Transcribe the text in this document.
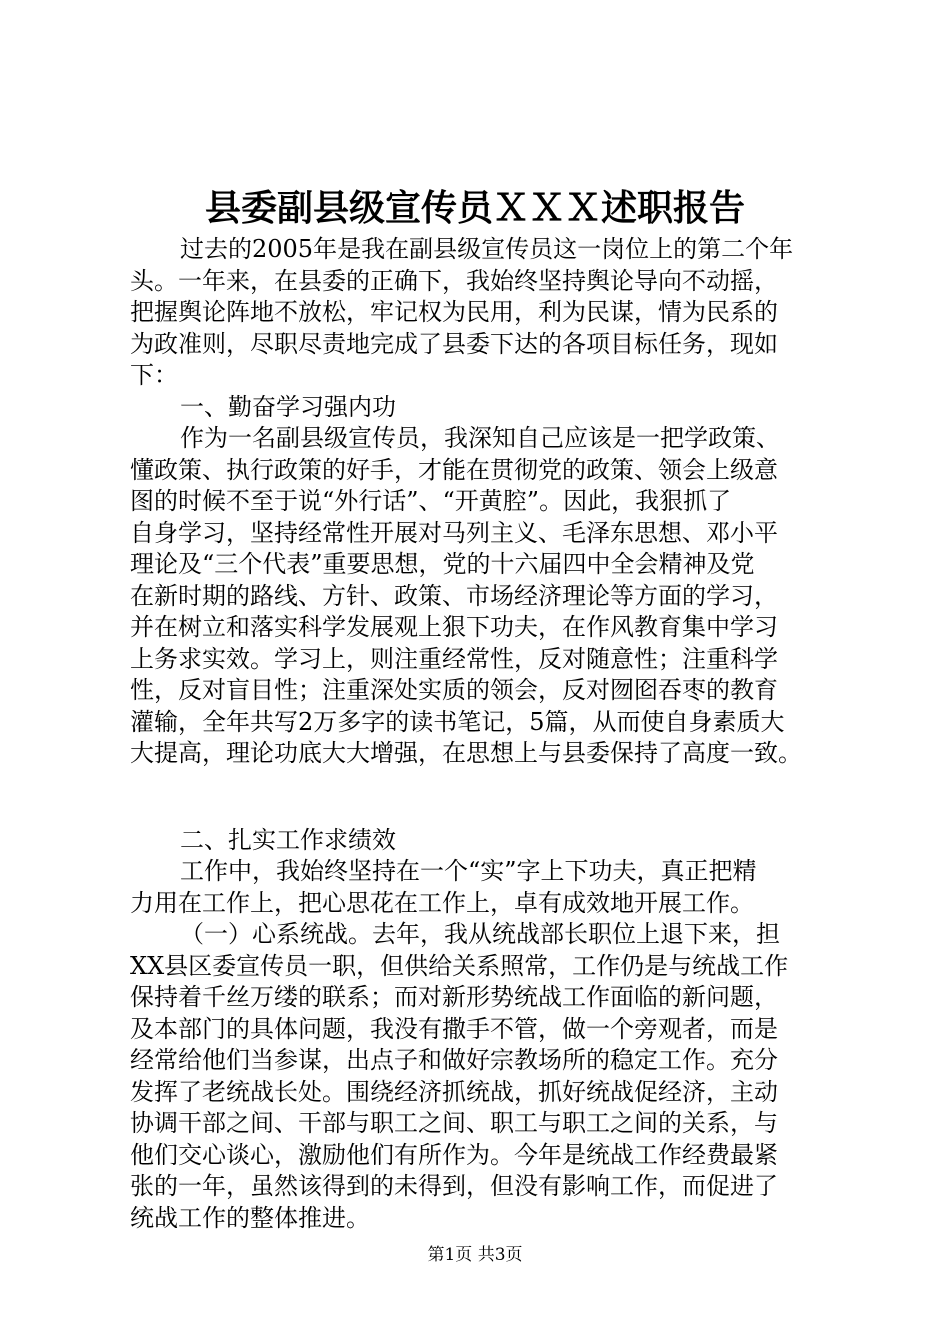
县委副县级宣传员ＸＸＸ述职报告
过去的2005年是我在副县级宣传员这一岗位上的第二个年
头。一年来，在县委的正确下，我始终坚持舆论导向不动摇，
把握舆论阵地不放松，牢记权为民用，利为民谋，情为民系的
为政准则，尽职尽责地完成了县委下达的各项目标任务，现如
下：
一、勤奋学习强内功
作为一名副县级宣传员，我深知自己应该是一把学政策、
懂政策、执行政策的好手，才能在贯彻党的政策、领会上级意
图的时候不至于说“外行话”、“开黄腔”。因此，我狠抓了
自身学习，坚持经常性开展对马列主义、毛泽东思想、邓小平
理论及“三个代表”重要思想，党的十六届四中全会精神及党
在新时期的路线、方针、政策、市场经济理论等方面的学习，
并在树立和落实科学发展观上狠下功夫，在作风教育集中学习
上务求实效。学习上，则注重经常性，反对随意性；注重科学
性，反对盲目性；注重深处实质的领会，反对囫囵吞枣的教育
灌输，全年共写2万多字的读书笔记，5篇，从而使自身素质大
大提高，理论功底大大增强，在思想上与县委保持了高度一致。
二、扎实工作求绩效
工作中，我始终坚持在一个“实”字上下功夫，真正把精
力用在工作上，把心思花在工作上，卓有成效地开展工作。
（一）心系统战。去年，我从统战部长职位上退下来，担
XX县区委宣传员一职，但供给关系照常，工作仍是与统战工作
保持着千丝万缕的联系；而对新形势统战工作面临的新问题，
及本部门的具体问题，我没有撒手不管，做一个旁观者，而是
经常给他们当参谋，出点子和做好宗教场所的稳定工作。充分
发挥了老统战长处。围绕经济抓统战，抓好统战促经济，主动
协调干部之间、干部与职工之间、职工与职工之间的关系，与
他们交心谈心，激励他们有所作为。今年是统战工作经费最紧
张的一年，虽然该得到的未得到，但没有影响工作，而促进了
统战工作的整体推进。
第1页 共3页
